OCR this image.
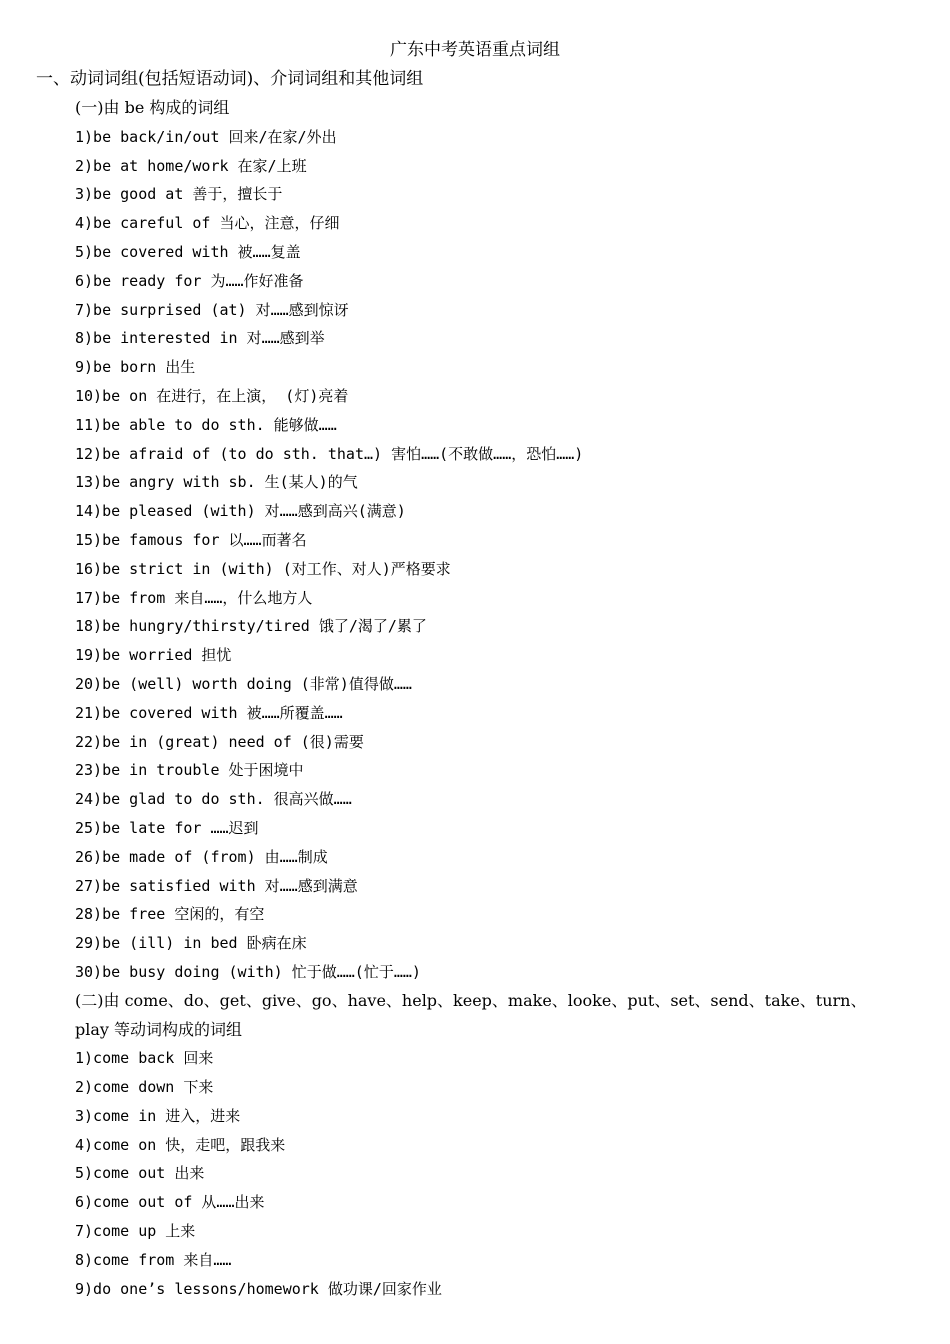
广东中考英语重点词组
一、动词词组(包括短语动词)、介词词组和其他词组
(一)由 be 构成的词组
1)be back/in/out 回来/在家/外出
2)be at home/work 在家/上班
3)be good at 善于，擅长于
4)be careful of 当心，注意，仔细
5)be covered with 被……复盖
6)be ready for 为……作好准备
7)be surprised (at) 对……感到惊讶
8)be interested in 对……感到举
9)be born 出生
10)be on 在进行，在上演， (灯)亮着
11)be able to do sth. 能够做……
12)be afraid of (to do sth. that…) 害怕……(不敢做……，恐怕……)
13)be angry with sb. 生(某人)的气
14)be pleased (with) 对……感到高兴(满意)
15)be famous for 以……而著名
16)be strict in (with) (对工作、对人)严格要求
17)be from 来自……，什么地方人
18)be hungry/thirsty/tired 饿了/渴了/累了
19)be worried 担忧
20)be (well) worth doing (非常)值得做……
21)be covered with 被……所覆盖……
22)be in (great) need of (很)需要
23)be in trouble 处于困境中
24)be glad to do sth. 很高兴做……
25)be late for ……迟到
26)be made of (from) 由……制成
27)be satisfied with 对……感到满意
28)be free 空闲的，有空
29)be (ill) in bed 卧病在床
30)be busy doing (with) 忙于做……(忙于……)
(二)由 come、do、get、give、go、have、help、keep、make、looke、put、set、send、take、turn、
play 等动词构成的词组
1)come back 回来
2)come down 下来
3)come in 进入，进来
4)come on 快，走吧，跟我来
5)come out 出来
6)come out of 从……出来
7)come up 上来
8)come from 来自……
9)do one’s lessons/homework 做功课/回家作业
